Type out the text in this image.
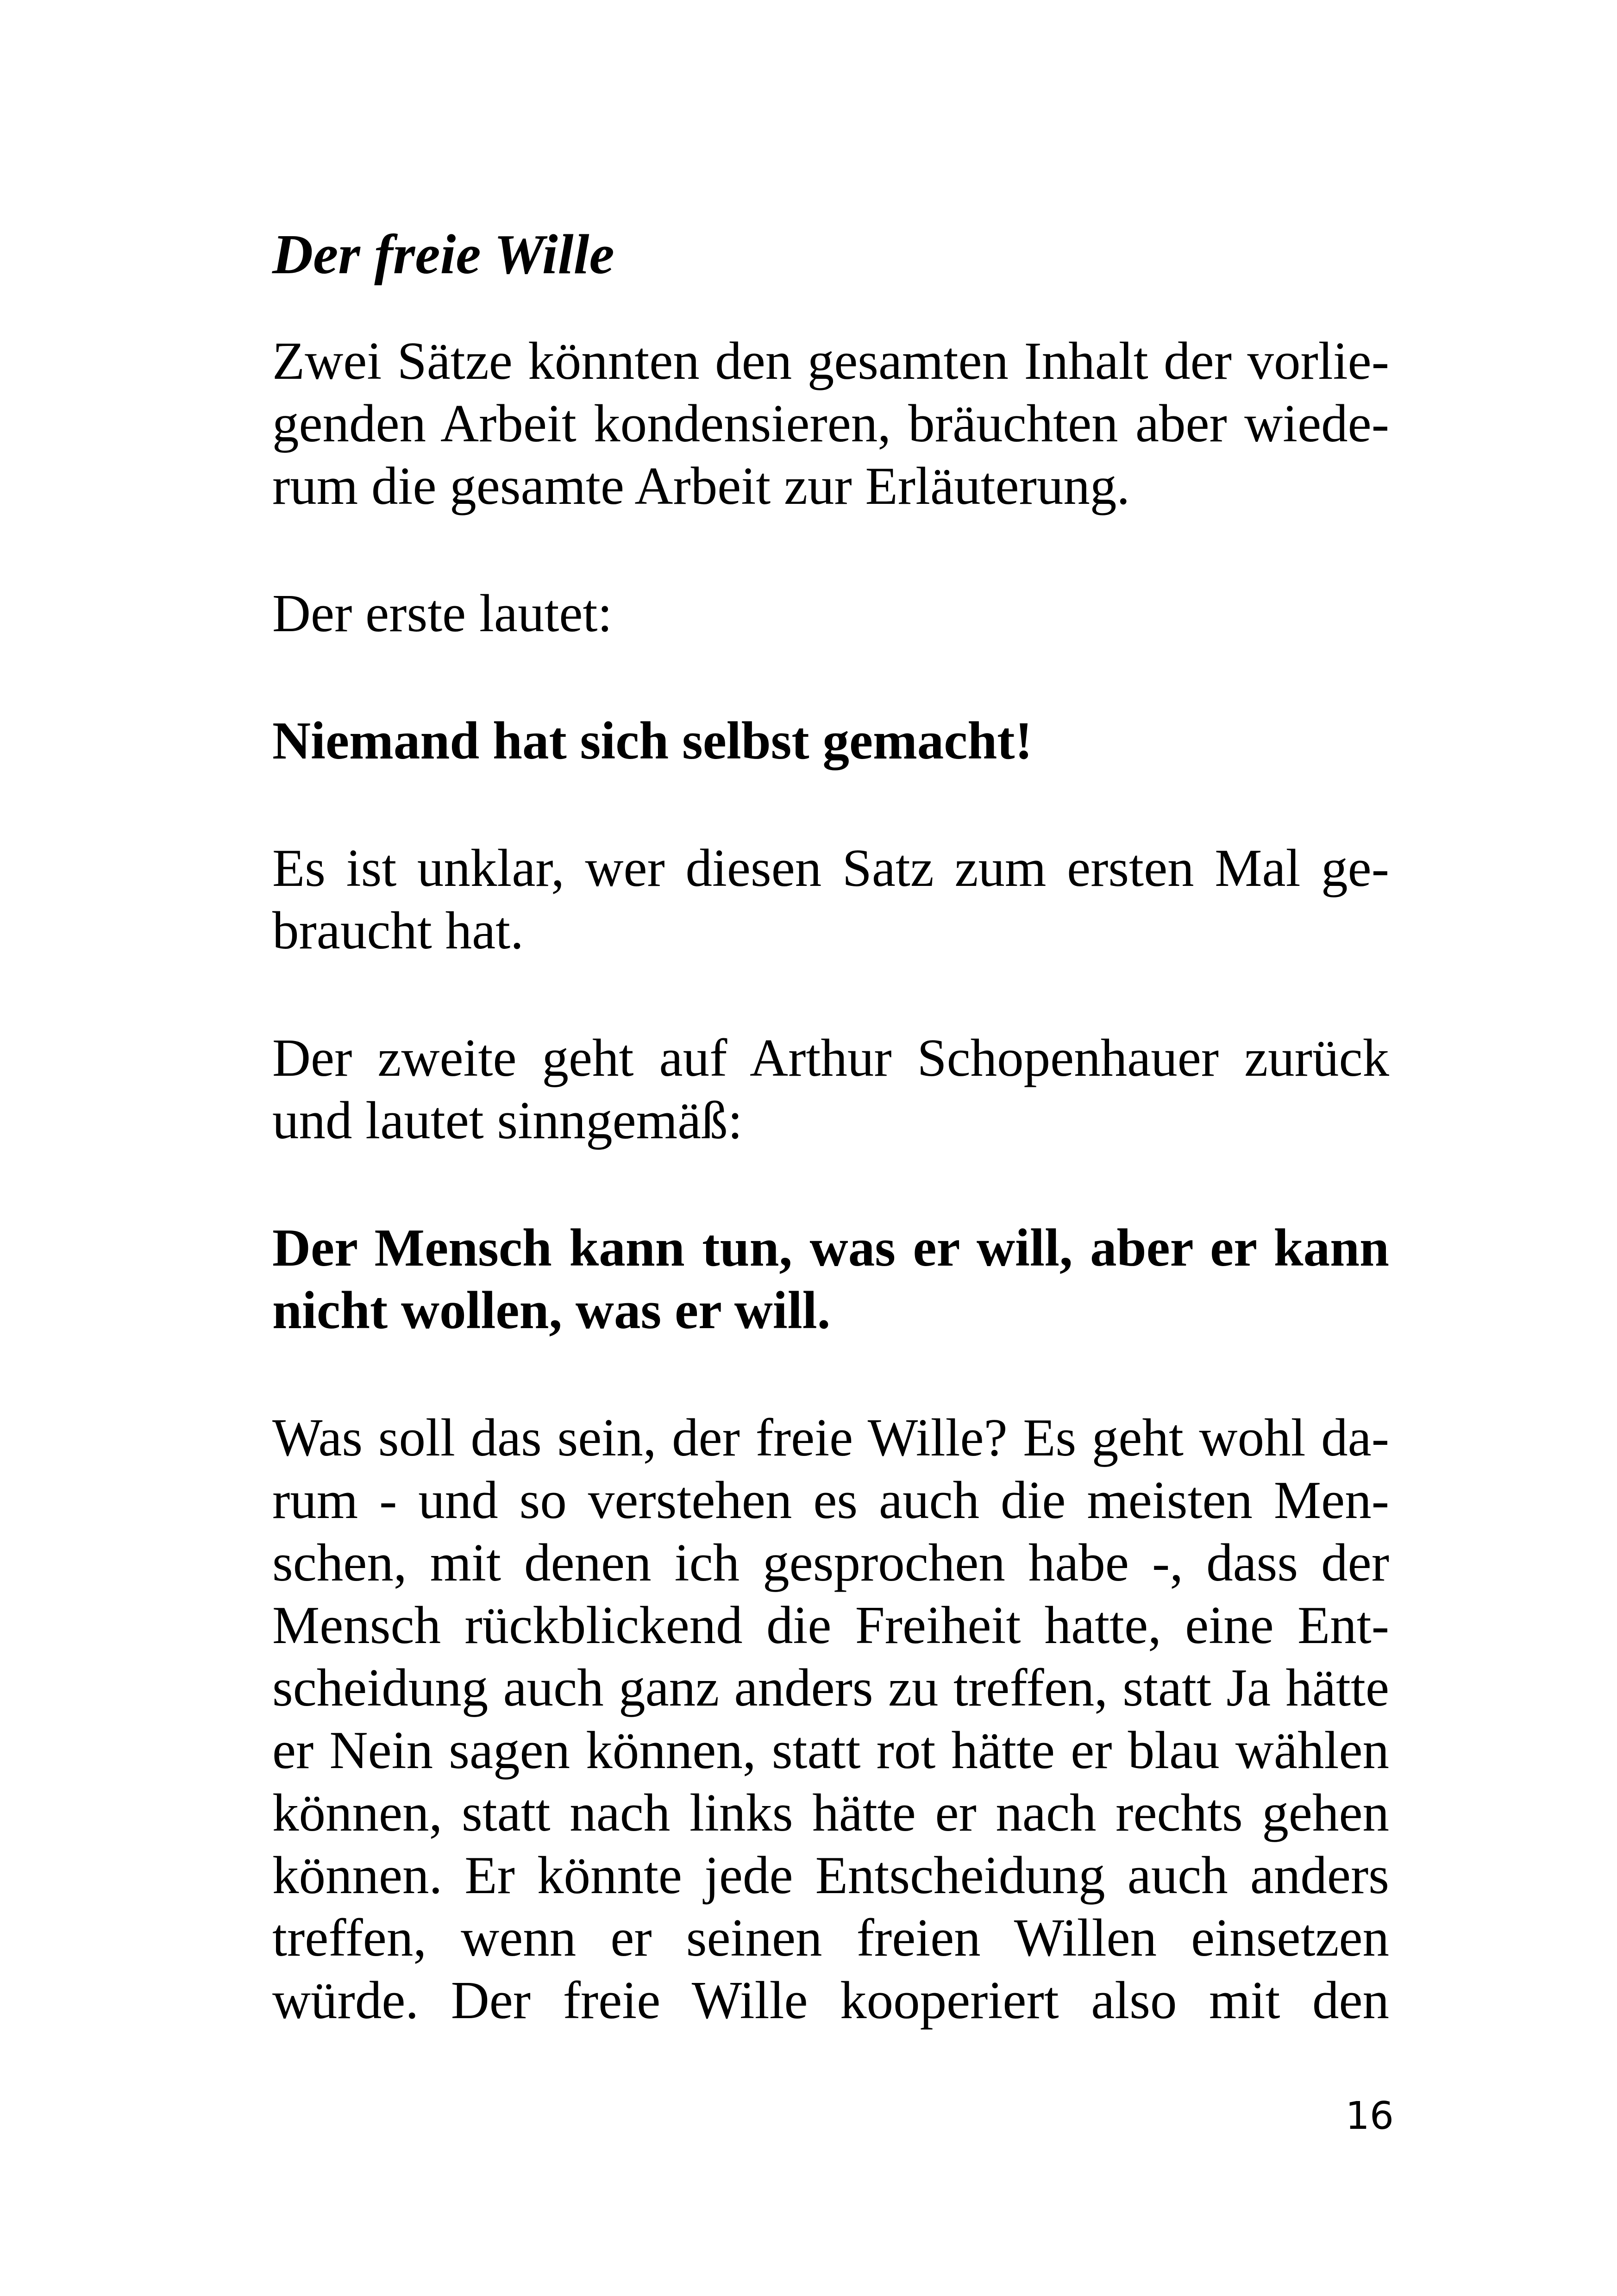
Der freie Wille
Zwei Sätze könnten den gesamten Inhalt der vorlie-
genden Arbeit kondensieren, bräuchten aber wiede-
rum die gesamte Arbeit zur Erläuterung.
Der erste lautet:
Niemand hat sich selbst gemacht!
Es ist unklar, wer diesen Satz zum ersten Mal ge-
braucht hat.
Der zweite geht auf Arthur Schopenhauer zurück
und lautet sinngemäß:
Der Mensch kann tun, was er will, aber er kann
nicht wollen, was er will.
Was soll das sein, der freie Wille? Es geht wohl da-
rum - und so verstehen es auch die meisten Men-
schen, mit denen ich gesprochen habe -, dass der
Mensch rückblickend die Freiheit hatte, eine Ent-
scheidung auch ganz anders zu treffen, statt Ja hätte
er Nein sagen können, statt rot hätte er blau wählen
können, statt nach links hätte er nach rechts gehen
können. Er könnte jede Entscheidung auch anders
treffen, wenn er seinen freien Willen einsetzen
würde. Der freie Wille kooperiert also mit den
16
